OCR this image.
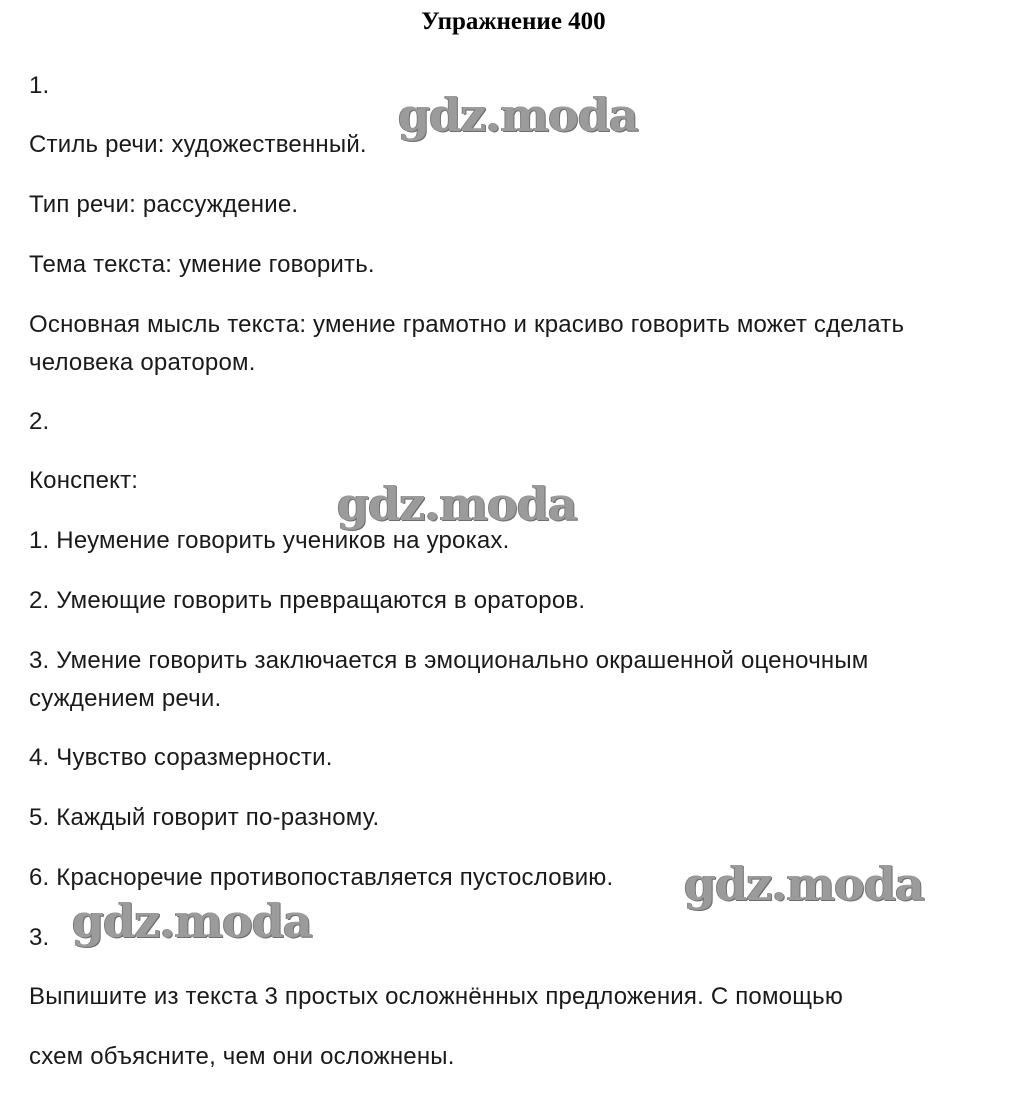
Упражнение 400
1.
Стиль речи: художественный.
Тип речи: рассуждение.
Тема текста: умение говорить.
Основная мысль текста: умение грамотно и красиво говорить может сделать
человека оратором.
2.
Конспект:
1. Неумение говорить учеников на уроках.
2. Умеющие говорить превращаются в ораторов.
3. Умение говорить заключается в эмоционально окрашенной оценочным
суждением речи.
4. Чувство соразмерности.
5. Каждый говорит по-разному.
6. Красноречие противопоставляется пустословию.
3.
Выпишите из текста 3 простых осложнённых предложения. С помощью
схем объясните, чем они осложнены.
gdz.moda
gdz.moda
gdz.moda
gdz.moda
